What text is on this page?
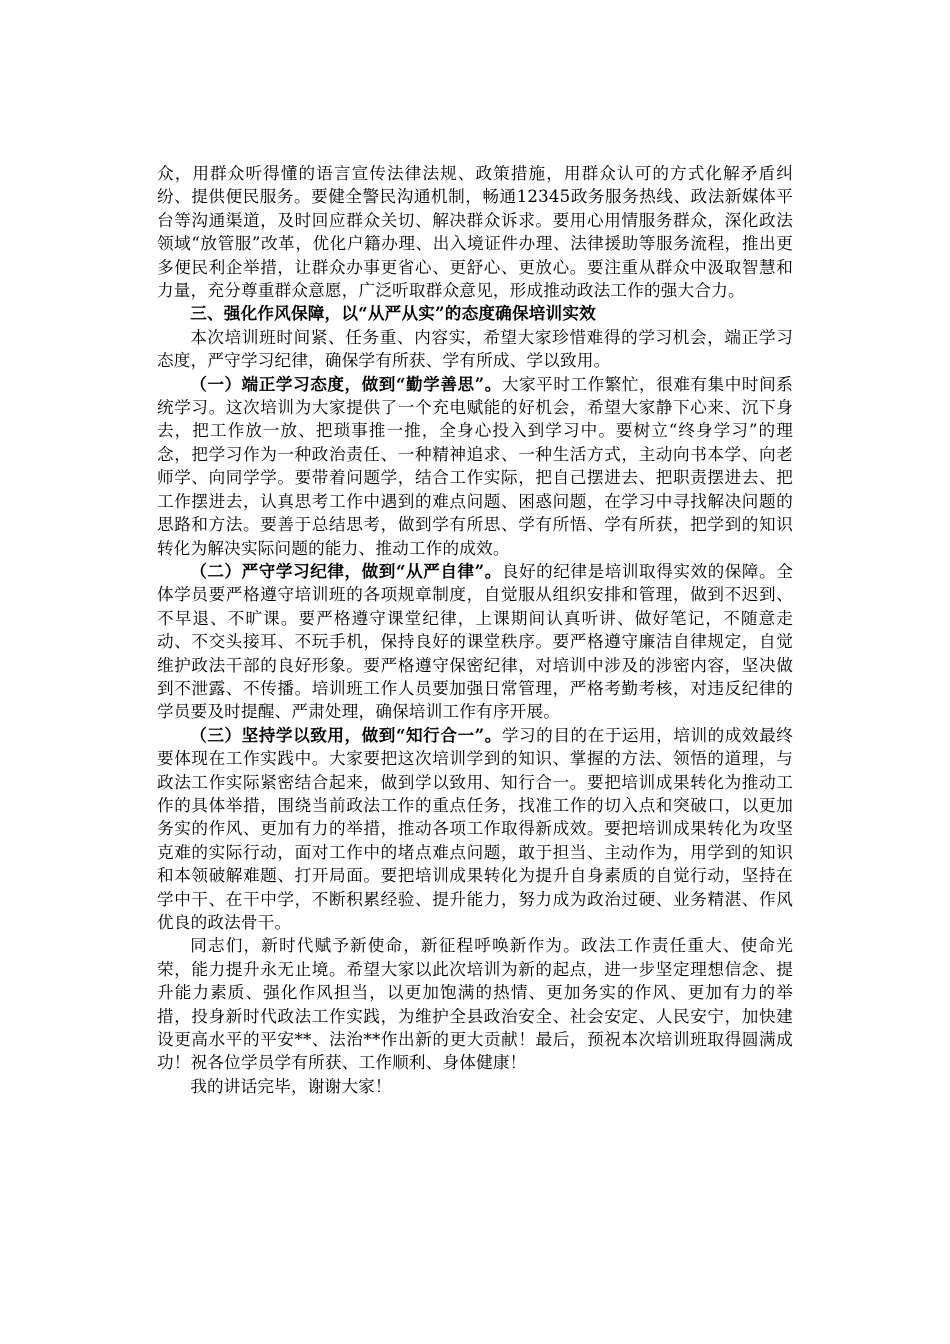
众，用群众听得懂的语言宣传法律法规、政策措施，用群众认可的方式化解矛盾纠纷、提供便民服务。要健全警民沟通机制，畅通12345政务服务热线、政法新媒体平台等沟通渠道，及时回应群众关切、解决群众诉求。要用心用情服务群众，深化政法领域“放管服”改革，优化户籍办理、出入境证件办理、法律援助等服务流程，推出更多便民利企举措，让群众办事更省心、更舒心、更放心。要注重从群众中汲取智慧和力量，充分尊重群众意愿，广泛听取群众意见，形成推动政法工作的强大合力。

三、强化作风保障，以“从严从实”的态度确保培训实效

本次培训班时间紧、任务重、内容实，希望大家珍惜难得的学习机会，端正学习态度，严守学习纪律，确保学有所获、学有所成、学以致用。

（一）端正学习态度，做到“勤学善思”。大家平时工作繁忙，很难有集中时间系统学习。这次培训为大家提供了一个充电赋能的好机会，希望大家静下心来、沉下身去，把工作放一放、把琐事推一推，全身心投入到学习中。要树立“终身学习”的理念，把学习作为一种政治责任、一种精神追求、一种生活方式，主动向书本学、向老师学、向同学学。要带着问题学，结合工作实际，把自己摆进去、把职责摆进去、把工作摆进去，认真思考工作中遇到的难点问题、困惑问题，在学习中寻找解决问题的思路和方法。要善于总结思考，做到学有所思、学有所悟、学有所获，把学到的知识转化为解决实际问题的能力、推动工作的成效。

（二）严守学习纪律，做到“从严自律”。良好的纪律是培训取得实效的保障。全体学员要严格遵守培训班的各项规章制度，自觉服从组织安排和管理，做到不迟到、不早退、不旷课。要严格遵守课堂纪律，上课期间认真听讲、做好笔记，不随意走动、不交头接耳、不玩手机，保持良好的课堂秩序。要严格遵守廉洁自律规定，自觉维护政法干部的良好形象。要严格遵守保密纪律，对培训中涉及的涉密内容，坚决做到不泄露、不传播。培训班工作人员要加强日常管理，严格考勤考核，对违反纪律的学员要及时提醒、严肃处理，确保培训工作有序开展。

（三）坚持学以致用，做到“知行合一”。学习的目的在于运用，培训的成效最终要体现在工作实践中。大家要把这次培训学到的知识、掌握的方法、领悟的道理，与政法工作实际紧密结合起来，做到学以致用、知行合一。要把培训成果转化为推动工作的具体举措，围绕当前政法工作的重点任务，找准工作的切入点和突破口，以更加务实的作风、更加有力的举措，推动各项工作取得新成效。要把培训成果转化为攻坚克难的实际行动，面对工作中的堵点难点问题，敢于担当、主动作为，用学到的知识和本领破解难题、打开局面。要把培训成果转化为提升自身素质的自觉行动，坚持在学中干、在干中学，不断积累经验、提升能力，努力成为政治过硬、业务精湛、作风优良的政法骨干。

同志们，新时代赋予新使命，新征程呼唤新作为。政法工作责任重大、使命光荣，能力提升永无止境。希望大家以此次培训为新的起点，进一步坚定理想信念、提升能力素质、强化作风担当，以更加饱满的热情、更加务实的作风、更加有力的举措，投身新时代政法工作实践，为维护全县政治安全、社会安定、人民安宁，加快建设更高水平的平安**、法治**作出新的更大贡献！最后，预祝本次培训班取得圆满成功！祝各位学员学有所获、工作顺利、身体健康！

我的讲话完毕，谢谢大家！
